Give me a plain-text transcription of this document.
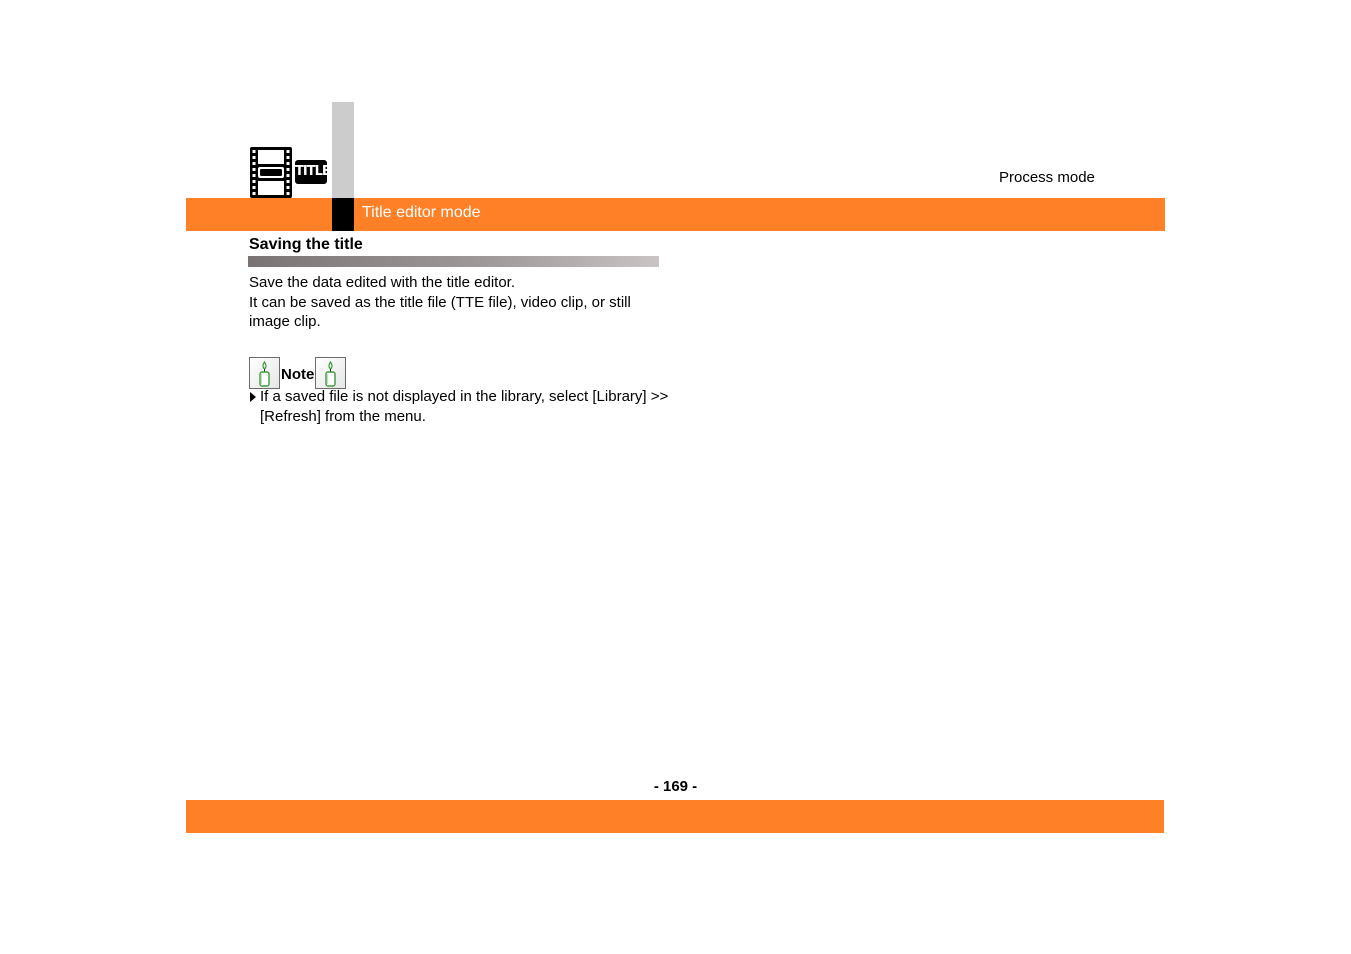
TITLE	Process mode
Title editor mode
Saving the title

Save the data edited with the title editor.

It can be saved as the title file (TTE file), video clip, or still image clip.

Note
If a saved file is not displayed in the library, select [Library] >> [Refresh] from the menu.
- 169 -
